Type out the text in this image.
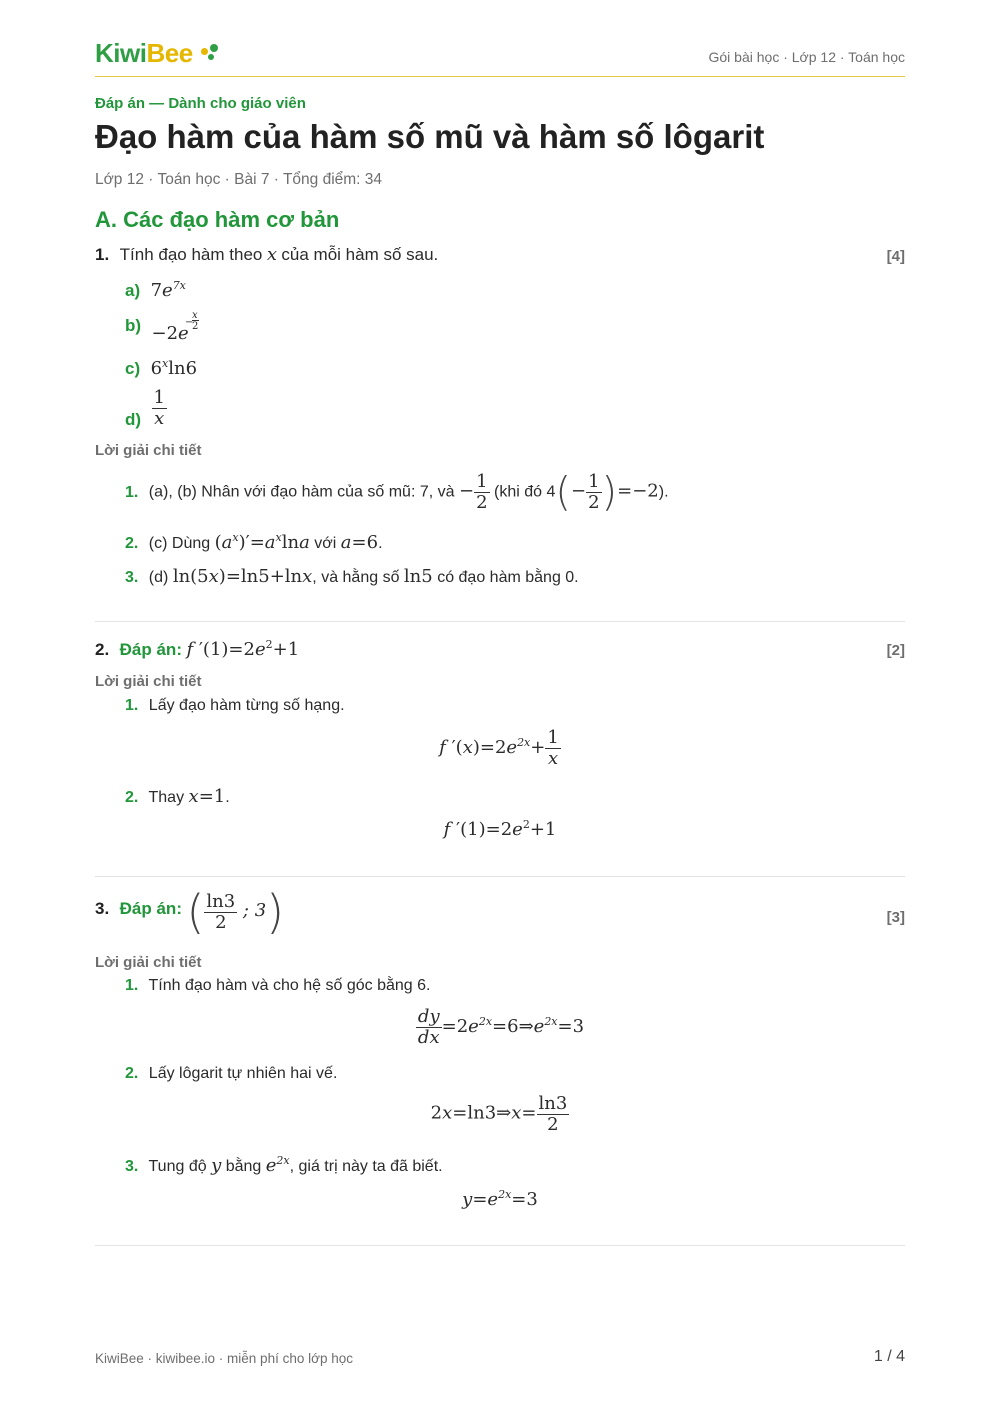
KiwiBee	Gói bài học · Lớp 12 · Toán học
Đáp án — Dành cho giáo viên
Đạo hàm của hàm số mũ và hàm số lôgarit
Lớp 12 · Toán học · Bài 7 · Tổng điểm: 34
A. Các đạo hàm cơ bản
1. Tính đạo hàm theo x của mỗi hàm số sau.	[4]
a) $7e^{7x}$
b) −2e
−
x
2
c) 6$^x$ln6
$d) \frac{1}{x}$
Lời giải chi tiết
1. (a), (b) Nhân với đạo hàm của số mũ: 7, và − $\frac{1}{2} (khi$ đó $4(- \frac{1}{2} )=-2$).
2. (c) Dùng $(a^x)'=a^x\ln a$ với a=6.
3. (d) ln(5x)=ln5+lnx, và hằng số ln5 có đạo hàm bằng 0.
2. Đáp án: f $'(1)=2e^2+1$	[2]
Lời giải chi tiết
1. Lấy đạo hàm từng số hạng.
f $'(x)=2e^{2x}+ \frac{1}{x}$
2. Thay x=1.
f $'(1)=2e^2+1$
3. Đáp án: ( $\frac{\ln 3}{2}$ ; 3)	[3]
Lời giải chi tiết
1. Tính đạo hàm và cho hệ số góc bằng 6.
$\frac{dy}{dx}$ $=2e^{2x}=6\Rightarrow e^{2x}=3$
2. Lấy lôgarit tự nhiên hai vế.
2x=ln3⇒x= $\frac{\ln 3}{2}$
3. Tung độ y bằng $e^{2x}$, giá trị này ta đã biết.
$y=e^{2x}=3$
KiwiBee · kiwibee.io · miễn phí cho lớp học	1 / 4
